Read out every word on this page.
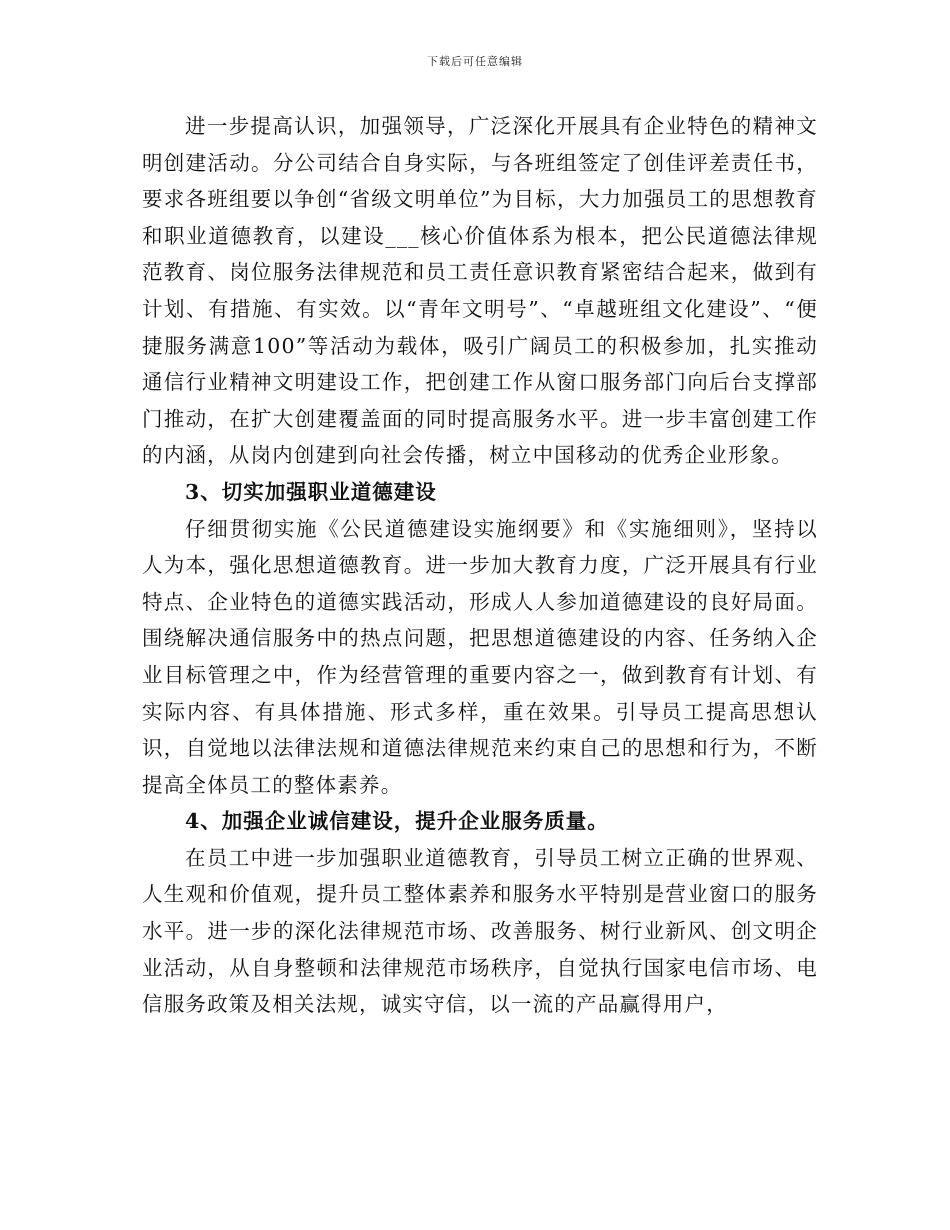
下载后可任意编辑

进一步提高认识，加强领导，广泛深化开展具有企业特色的精神文明创建活动。分公司结合自身实际，与各班组签定了创佳评差责任书，要求各班组要以争创“省级文明单位”为目标，大力加强员工的思想教育和职业道德教育，以建设___核心价值体系为根本，把公民道德法律规范教育、岗位服务法律规范和员工责任意识教育紧密结合起来，做到有计划、有措施、有实效。以“青年文明号”、“卓越班组文化建设”、“便捷服务满意100”等活动为载体，吸引广阔员工的积极参加，扎实推动通信行业精神文明建设工作，把创建工作从窗口服务部门向后台支撑部门推动，在扩大创建覆盖面的同时提高服务水平。进一步丰富创建工作的内涵，从岗内创建到向社会传播，树立中国移动的优秀企业形象。

3、切实加强职业道德建设

仔细贯彻实施《公民道德建设实施纲要》和《实施细则》，坚持以人为本，强化思想道德教育。进一步加大教育力度，广泛开展具有行业特点、企业特色的道德实践活动，形成人人参加道德建设的良好局面。围绕解决通信服务中的热点问题，把思想道德建设的内容、任务纳入企业目标管理之中，作为经营管理的重要内容之一，做到教育有计划、有实际内容、有具体措施、形式多样，重在效果。引导员工提高思想认识，自觉地以法律法规和道德法律规范来约束自己的思想和行为，不断提高全体员工的整体素养。

4、加强企业诚信建设，提升企业服务质量。

在员工中进一步加强职业道德教育，引导员工树立正确的世界观、人生观和价值观，提升员工整体素养和服务水平特别是营业窗口的服务水平。进一步的深化法律规范市场、改善服务、树行业新风、创文明企业活动，从自身整顿和法律规范市场秩序，自觉执行国家电信市场、电信服务政策及相关法规，诚实守信，以一流的产品赢得用户，
